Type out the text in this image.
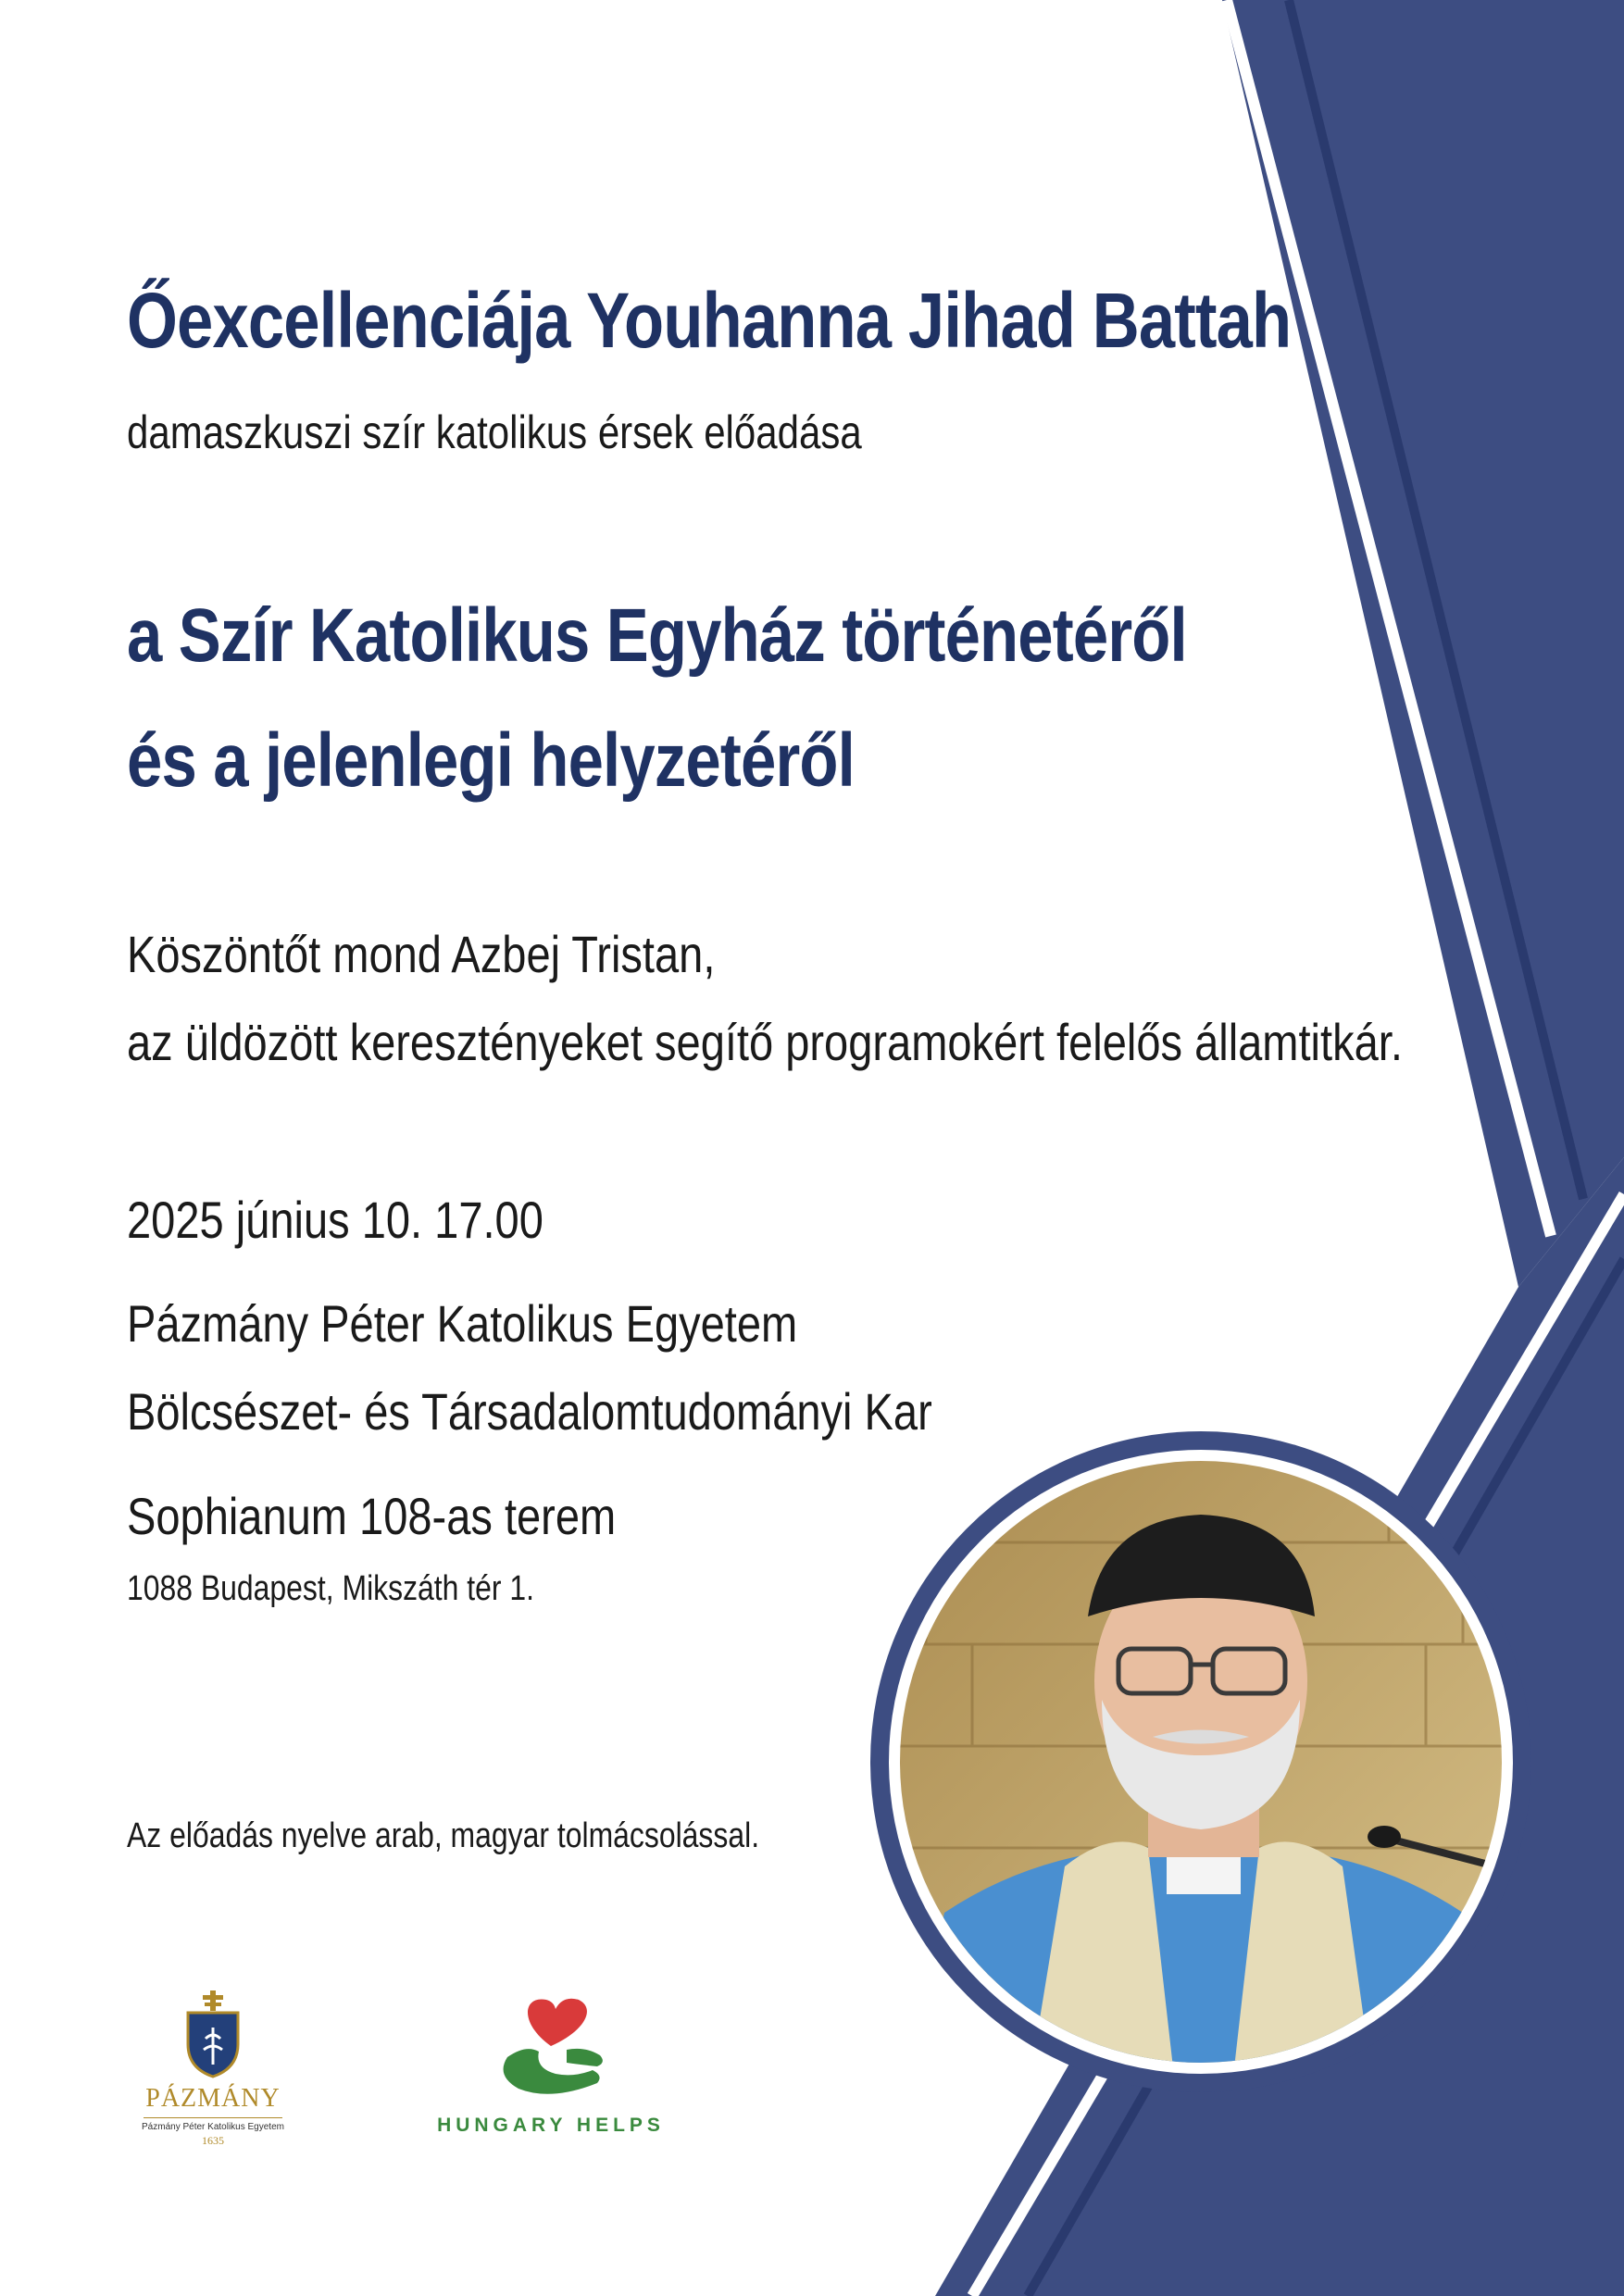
Őexcellenciája Youhanna Jihad Battah
damaszkuszi szír katolikus érsek előadása
a Szír Katolikus Egyház történetéről
és a jelenlegi helyzetéről
Köszöntőt mond Azbej Tristan,
az üldözött keresztényeket segítő programokért felelős államtitkár.
2025 június 10. 17.00
Pázmány Péter Katolikus Egyetem
Bölcsészet- és Társadalomtudományi Kar
Sophianum 108-as terem
1088 Budapest, Mikszáth tér 1.
Az előadás nyelve arab, magyar tolmácsolással.
PÁZMÁNY
Pázmány Péter Katolikus Egyetem
1635
HUNGARY HELPS
